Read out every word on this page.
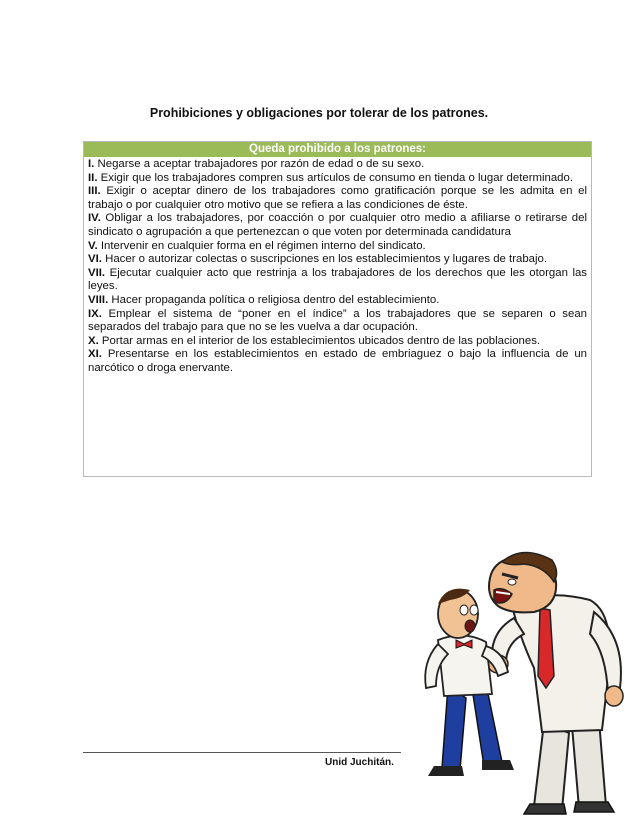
Prohibiciones y obligaciones por tolerar de los patrones.
Queda prohibido a los patrones:

I. Negarse a aceptar trabajadores por razón de edad o de su sexo.

II. Exigir que los trabajadores compren sus artículos de consumo en tienda o lugar determinado.

III. Exigir o aceptar dinero de los trabajadores como gratificación porque se les admita en el trabajo o por cualquier otro motivo que se refiera a las condiciones de éste.

IV. Obligar a los trabajadores, por coacción o por cualquier otro medio a afiliarse o retirarse del sindicato o agrupación a que pertenezcan o que voten por determinada candidatura

V. Intervenir en cualquier forma en el régimen interno del sindicato.

VI. Hacer o autorizar colectas o suscripciones en los establecimientos y lugares de trabajo.

VII. Ejecutar cualquier acto que restrinja a los trabajadores de los derechos que les otorgan las leyes.

VIII. Hacer propaganda política o religiosa dentro del establecimiento.

IX. Emplear el sistema de “poner en el índice” a los trabajadores que se separen o sean separados del trabajo para que no se les vuelva a dar ocupación.

X. Portar armas en el interior de los establecimientos ubicados dentro de las poblaciones.

XI. Presentarse en los establecimientos en estado de embriaguez o bajo la influencia de un narcótico o droga enervante.

Unid Juchitán.
